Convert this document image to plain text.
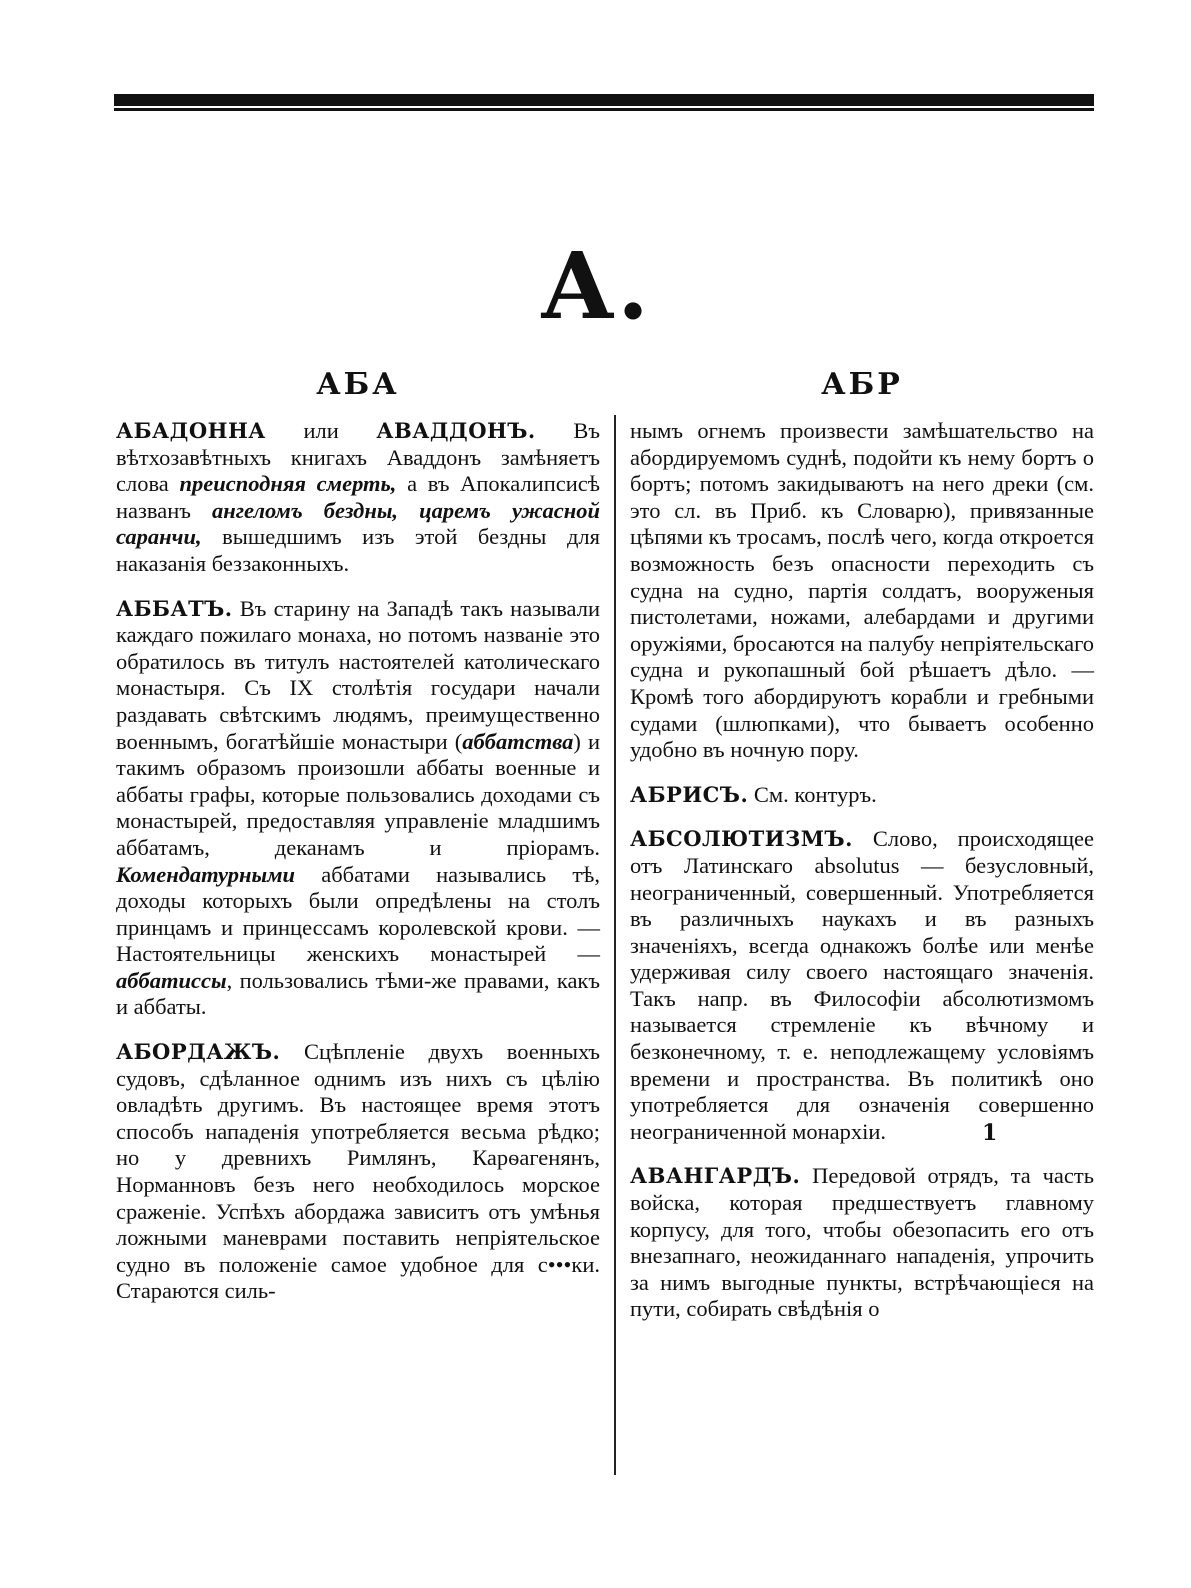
А.
АБА

АБАДОННА или АВАДДОНЪ. Въ вѣтхозавѣтныхъ книгахъ Аваддонъ замѣняетъ слова преисподняя смерть, а въ Апокалипсисѣ названъ ангеломъ бездны, царемъ ужасной саранчи, вышедшимъ изъ этой бездны для наказанія беззаконныхъ.

АББАТЪ. Въ старину на Западѣ такъ называли каждаго пожилаго монаха, но потомъ названіе это обратилось въ титулъ настоятелей католическаго монастыря. Съ IX столѣтія государи начали раздавать свѣтскимъ людямъ, преимущественно военнымъ, богатѣйшіе монастыри (аббатства) и такимъ образомъ произошли аббаты военные и аббаты графы, которые пользовались доходами съ монастырей, предоставляя управленіе младшимъ аббатамъ, деканамъ и пріорамъ. Комендатурными аббатами назывались тѣ, доходы которыхъ были опредѣлены на столъ принцамъ и принцессамъ королевской крови. — Настоятельницы женскихъ монастырей — аббатиссы, пользовались тѣми-же правами, какъ и аббаты.

АБОРДАЖЪ. Сцѣпленіе двухъ военныхъ судовъ, сдѣланное однимъ изъ нихъ съ цѣлію овладѣть другимъ. Въ настоящее время этотъ способъ нападенія употребляется весьма рѣдко; но у древнихъ Римлянъ, Карѳагенянъ, Норманновъ безъ него необходилось морское сраженіе. Успѣхъ абордажа зависитъ отъ умѣнья ложными маневрами поставить непріятельское судно въ положеніе самое удобное для с•••ки. Стараются силь-

АБР

нымъ огнемъ произвести замѣшательство на абордируемомъ суднѣ, подойти къ нему бортъ о бортъ; потомъ закидываютъ на него дреки (см. это сл. въ Приб. къ Словарю), привязанные цѣпями къ тросамъ, послѣ чего, когда откроется возможность безъ опасности переходить съ судна на судно, партія солдатъ, вооруженыя пистолетами, ножами, алебардами и другими оружіями, бросаются на палубу непріятельскаго судна и рукопашный бой рѣшаетъ дѣло. — Кромѣ того абордируютъ корабли и гребными судами (шлюпками), что бываетъ особенно удобно въ ночную пору.

АБРИСЪ. См. контуръ.

АБСОЛЮТИЗМЪ. Слово, происходящее отъ Латинскаго absolutus — безусловный, неограниченный, совершенный. Употребляется въ различныхъ наукахъ и въ разныхъ значеніяхъ, всегда однакожъ болѣе или менѣе удерживая силу своего настоящаго значенія. Такъ напр. въ Философіи абсолютизмомъ называется стремленіе къ вѣчному и безконечному, т. е. неподлежащему условіямъ времени и пространства. Въ политикѣ оно употребляется для означенія совершенно неограниченной монархіи.

АВАНГАРДЪ. Передовой отрядъ, та часть войска, которая предшествуетъ главному корпусу, для того, чтобы обезопасить его отъ внезапнаго, неожиданнаго нападенія, упрочить за нимъ выгодные пункты, встрѣчающіеся на пути, собирать свѣдѣнія о

1
